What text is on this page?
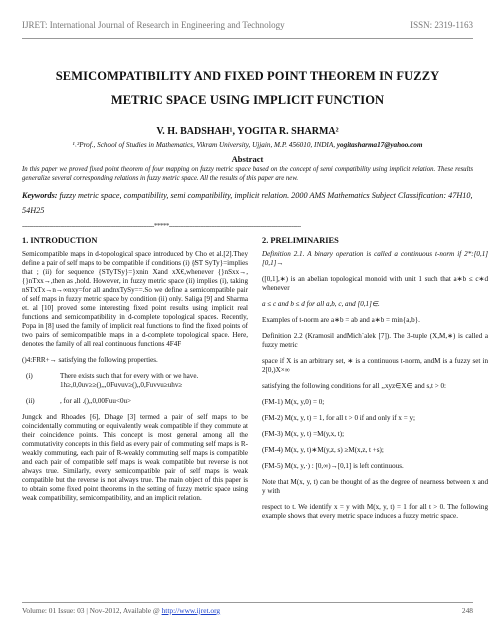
IJRET: International Journal of Research in Engineering and Technology	ISSN: 2319-1163
SEMICOMPATIBILITY AND FIXED POINT THEOREM IN FUZZY
METRIC SPACE USING IMPLICIT FUNCTION
V. H. BADSHAH¹, YOGITA R. SHARMA²
¹˒²Prof., School of Studies in Mathematics, Vikram University, Ujjain, M.P. 456010, INDIA, yogitasharma17@yahoo.com
Abstract
In this paper we proved fixed point theorem of four mapping on fuzzy metric space based on the concept of semi compatibility using implicit relation. These results generalize several corresponding relations in fuzzy metric space. All the results of this paper are new.
Keywords: fuzzy metric space, compatibility, semi compatibility, implicit relation. 2000 AMS Mathematics Subject Classification: 47H10, 54H25
------------------------------------------------------------------------*****------------------------------------------------------------------------
1. INTRODUCTION

Semicompatible maps in d-topological space introduced by Cho et al.[2].They define a pair of self maps to be compatible if conditions (i) {̸ST SyTy}=implies that ; (ii) for sequence {STyTSy}=}xnin Xand xX€,whenever {}nSxx→,{}nTxx→,then as ,hold. However, in fuzzy metric space (ii) implies (i), taking nSTxTx→n→∞nxy=for all andnxTySy==.So we define a semicompatible pair of self maps in fuzzy metric space by condition (ii) only. Saliga [9] and Sharma et. al [10] proved some interesting fixed point results using implicit real functions and semicompatibility in d-complete topological spaces. Recently, Popa in [8] used the family of implicit real functions to find the fixed points of two pairs of semicompatible maps in a d-complete topological space. Here, denotes the family of all real continuous functions 4F4F

()4:FRR+→ satisfying the following properties.

(i)	There exists such that for every with or we have. 1h≥,0,0uv≥≥(),,,0Fuvuv≥(),,0,Fuvvu≥uhv≥
(ii)	, for all .(),,0,00Fuu<0u>

Jungck and Rhoades [6], Dhage [3] termed a pair of self maps to be coincidentally commuting or equivalently weak compatible if they commute at their coincidence points. This concept is most general among all the commutativity concepts in this field as every pair of commuting self maps is R-weakly commuting, each pair of R-weakly commuting self maps is compatible and each pair of compatible self maps is weak compatible but reverse is not always true. Similarly, every semicompatible pair of self maps is weak compatible but the reverse is not always true. The main object of this paper is to obtain some fixed point theorems in the setting of fuzzy metric space using weak compatibility, semicompatibility, and an implicit relation.

2. PRELIMINARIES

Definition 2.1. A binary operation is called a continuous t-norm if 2*:[0,1][0,1]→

([0,1],∗) is an abelian topological monoid with unit 1 such that a∗b ≤ c∗d whenever

a ≤ c and b ≤ d for all a,b, c, and [0,1]∈.

Examples of t-norm are a∗b = ab and a∗b = min{a,b}.

Definition 2.2 (Kramosil andMich´alek [7]). The 3-tuple (X,M,∗) is called a fuzzy metric

space if X is an arbitrary set, ∗ is a continuous t-norm, andM is a fuzzy set in 2[0,)X×∞

satisfying the following conditions for all ,,xyz∈X∈ and s,t > 0:

(FM-1) M(x, y,0) = 0;

(FM-2) M(x, y, t) = 1, for all t > 0 if and only if x = y;

(FM-3) M(x, y, t) =M(y,x, t);

(FM-4) M(x, y, t)∗M(y,z, s) ≥M(x,z, t +s);

(FM-5) M(x, y,·) : [0,∞)→[0,1] is left continuous.

Note that M(x, y, t) can be thought of as the degree of nearness between x and y with

respect to t. We identify x = y with M(x, y, t) = 1 for all t > 0. The following example shows that every metric space induces a fuzzy metric space.

Volume: 01 Issue: 03 | Nov-2012, Available @ http://www.ijret.org	248
